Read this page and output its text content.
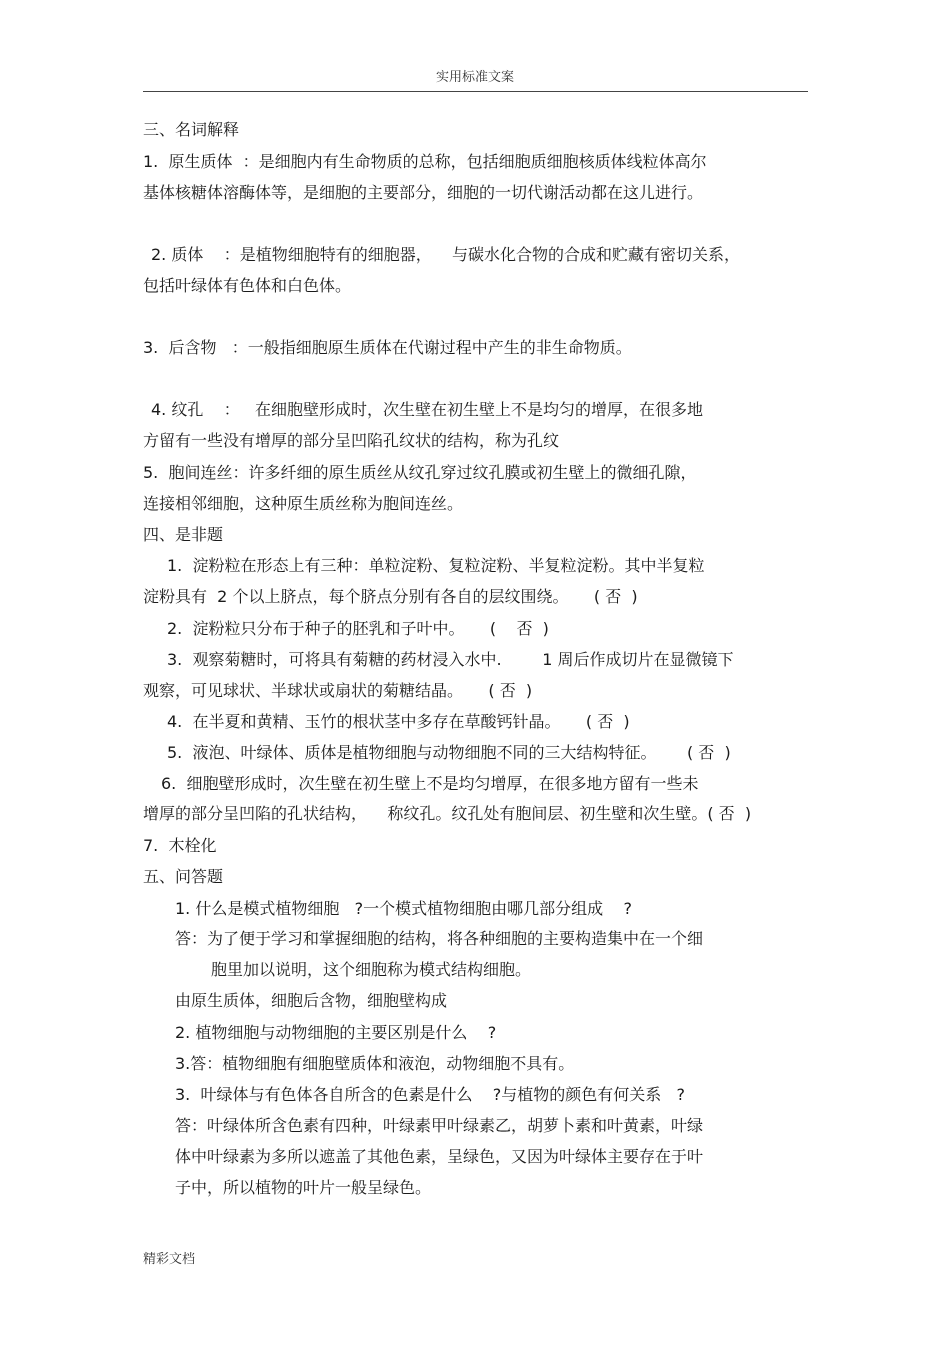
实用标准文案
三、名词解释
1.  原生质体  ：是细胞内有生命物质的总称，包括细胞质细胞核质体线粒体高尔
基体核糖体溶酶体等，是细胞的主要部分，细胞的一切代谢活动都在这儿进行。
2. 质体    ：是植物细胞特有的细胞器，    与碳水化合物的合成和贮藏有密切关系，
包括叶绿体有色体和白色体。
3.  后含物   ：一般指细胞原生质体在代谢过程中产生的非生命物质。
4. 纹孔    ：   在细胞壁形成时，次生壁在初生壁上不是均匀的增厚，在很多地
方留有一些没有增厚的部分呈凹陷孔纹状的结构，称为孔纹
5.  胞间连丝：许多纤细的原生质丝从纹孔穿过纹孔膜或初生壁上的微细孔隙，
连接相邻细胞，这种原生质丝称为胞间连丝。
四、是非题
1.  淀粉粒在形态上有三种：单粒淀粉、复粒淀粉、半复粒淀粉。其中半复粒
淀粉具有  2 个以上脐点，每个脐点分别有各自的层纹围绕。     ( 否  )
2.  淀粉粒只分布于种子的胚乳和子叶中。     (    否  )
3.  观察菊糖时，可将具有菊糖的药材浸入水中.        1 周后作成切片在显微镜下
观察，可见球状、半球状或扇状的菊糖结晶。     ( 否  )
4.  在半夏和黄精、玉竹的根状茎中多存在草酸钙针晶。     ( 否  )
5.  液泡、叶绿体、质体是植物细胞与动物细胞不同的三大结构特征。      ( 否  )
6.  细胞壁形成时，次生壁在初生壁上不是均匀增厚，在很多地方留有一些未
增厚的部分呈凹陷的孔状结构，    称纹孔。纹孔处有胞间层、初生壁和次生壁。( 否  )
7.  木栓化
五、问答题
1. 什么是模式植物细胞   ?一个模式植物细胞由哪几部分组成    ?
答：为了便于学习和掌握细胞的结构，将各种细胞的主要构造集中在一个细
胞里加以说明，这个细胞称为模式结构细胞。
由原生质体，细胞后含物，细胞壁构成
2. 植物细胞与动物细胞的主要区别是什么    ?
3.答：植物细胞有细胞壁质体和液泡，动物细胞不具有。
3.  叶绿体与有色体各自所含的色素是什么    ?与植物的颜色有何关系   ?
答：叶绿体所含色素有四种，叶绿素甲叶绿素乙，胡萝卜素和叶黄素，叶绿
体中叶绿素为多所以遮盖了其他色素，呈绿色，又因为叶绿体主要存在于叶
子中，所以植物的叶片一般呈绿色。
精彩文档
